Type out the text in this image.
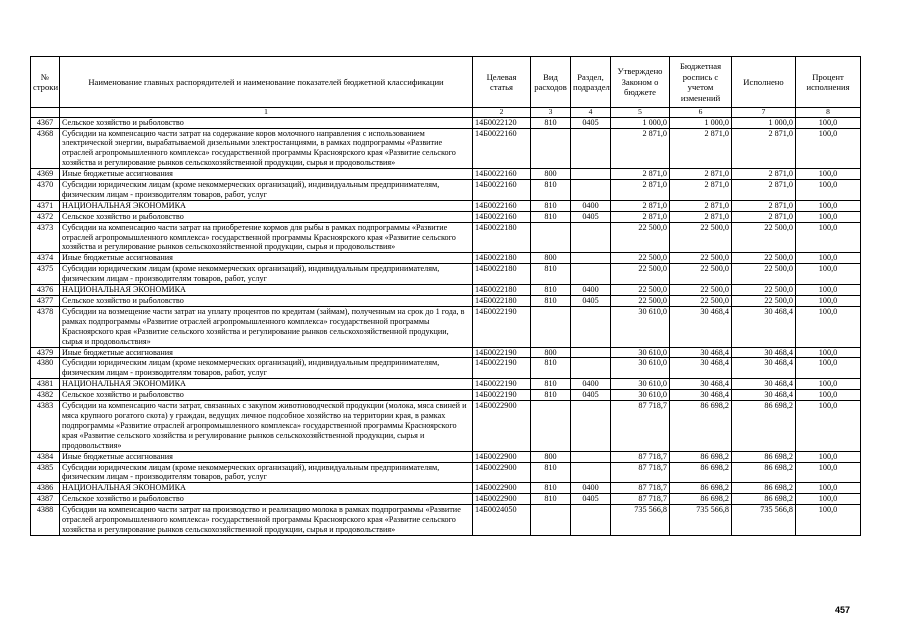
№ строки	Наименование главных распорядителей и наименование показателей бюджетной классификации	Целевая статья	Вид расходов	Раздел, подраздел	Утверждено Законом о бюджете	Бюджетная роспись с учетом изменений	Исполнено	Процент исполнения
	1	2	3	4	5	6	7	8
4367	Сельское хозяйство и рыболовство	14Б0022120	810	0405	1 000,0	1 000,0	1 000,0	100,0
4368	Субсидии на компенсацию части затрат на содержание коров молочного направления с использованием электрической энергии, вырабатываемой дизельными электростанциями, в рамках подпрограммы «Развитие отраслей агропромышленного комплекса» государственной программы Красноярского края «Развитие сельского хозяйства и регулирование рынков сельскохозяйственной продукции, сырья и продовольствия»	14Б0022160			2 871,0	2 871,0	2 871,0	100,0
4369	Иные бюджетные ассигнования	14Б0022160	800		2 871,0	2 871,0	2 871,0	100,0
4370	Субсидии юридическим лицам (кроме некоммерческих организаций), индивидуальным предпринимателям, физическим лицам - производителям товаров, работ, услуг	14Б0022160	810		2 871,0	2 871,0	2 871,0	100,0
4371	НАЦИОНАЛЬНАЯ ЭКОНОМИКА	14Б0022160	810	0400	2 871,0	2 871,0	2 871,0	100,0
4372	Сельское хозяйство и рыболовство	14Б0022160	810	0405	2 871,0	2 871,0	2 871,0	100,0
4373	Субсидии на компенсацию части затрат на приобретение кормов для рыбы в рамках подпрограммы «Развитие отраслей агропромышленного комплекса» государственной программы Красноярского края «Развитие сельского хозяйства и регулирование рынков сельскохозяйственной продукции, сырья и продовольствия»	14Б0022180			22 500,0	22 500,0	22 500,0	100,0
4374	Иные бюджетные ассигнования	14Б0022180	800		22 500,0	22 500,0	22 500,0	100,0
4375	Субсидии юридическим лицам (кроме некоммерческих организаций), индивидуальным предпринимателям, физическим лицам - производителям товаров, работ, услуг	14Б0022180	810		22 500,0	22 500,0	22 500,0	100,0
4376	НАЦИОНАЛЬНАЯ ЭКОНОМИКА	14Б0022180	810	0400	22 500,0	22 500,0	22 500,0	100,0
4377	Сельское хозяйство и рыболовство	14Б0022180	810	0405	22 500,0	22 500,0	22 500,0	100,0
4378	Субсидии на возмещение части затрат на уплату процентов по кредитам (займам), полученным на срок до 1 года, в рамках подпрограммы «Развитие отраслей агропромышленного комплекса» государственной программы Красноярского края «Развитие сельского хозяйства и регулирование рынков сельскохозяйственной продукции, сырья и продовольствия»	14Б0022190			30 610,0	30 468,4	30 468,4	100,0
4379	Иные бюджетные ассигнования	14Б0022190	800		30 610,0	30 468,4	30 468,4	100,0
4380	Субсидии юридическим лицам (кроме некоммерческих организаций), индивидуальным предпринимателям, физическим лицам - производителям товаров, работ, услуг	14Б0022190	810		30 610,0	30 468,4	30 468,4	100,0
4381	НАЦИОНАЛЬНАЯ ЭКОНОМИКА	14Б0022190	810	0400	30 610,0	30 468,4	30 468,4	100,0
4382	Сельское хозяйство и рыболовство	14Б0022190	810	0405	30 610,0	30 468,4	30 468,4	100,0
4383	Субсидии на компенсацию части затрат, связанных с закупом животноводческой продукции (молока, мяса свиней и мяса крупного рогатого скота) у граждан, ведущих личное подсобное хозяйство на территории края, в рамках подпрограммы «Развитие отраслей агропромышленного комплекса» государственной программы Красноярского края «Развитие сельского хозяйства и регулирование рынков сельскохозяйственной продукции, сырья и продовольствия»	14Б0022900			87 718,7	86 698,2	86 698,2	100,0
4384	Иные бюджетные ассигнования	14Б0022900	800		87 718,7	86 698,2	86 698,2	100,0
4385	Субсидии юридическим лицам (кроме некоммерческих организаций), индивидуальным предпринимателям, физическим лицам - производителям товаров, работ, услуг	14Б0022900	810		87 718,7	86 698,2	86 698,2	100,0
4386	НАЦИОНАЛЬНАЯ ЭКОНОМИКА	14Б0022900	810	0400	87 718,7	86 698,2	86 698,2	100,0
4387	Сельское хозяйство и рыболовство	14Б0022900	810	0405	87 718,7	86 698,2	86 698,2	100,0
4388	Субсидии на компенсацию части затрат на производство и реализацию молока в рамках подпрограммы «Развитие отраслей агропромышленного комплекса» государственной программы Красноярского края «Развитие сельского хозяйства и регулирование рынков сельскохозяйственной продукции, сырья и продовольствия»	14Б0024050			735 566,8	735 566,8	735 566,8	100,0
457
